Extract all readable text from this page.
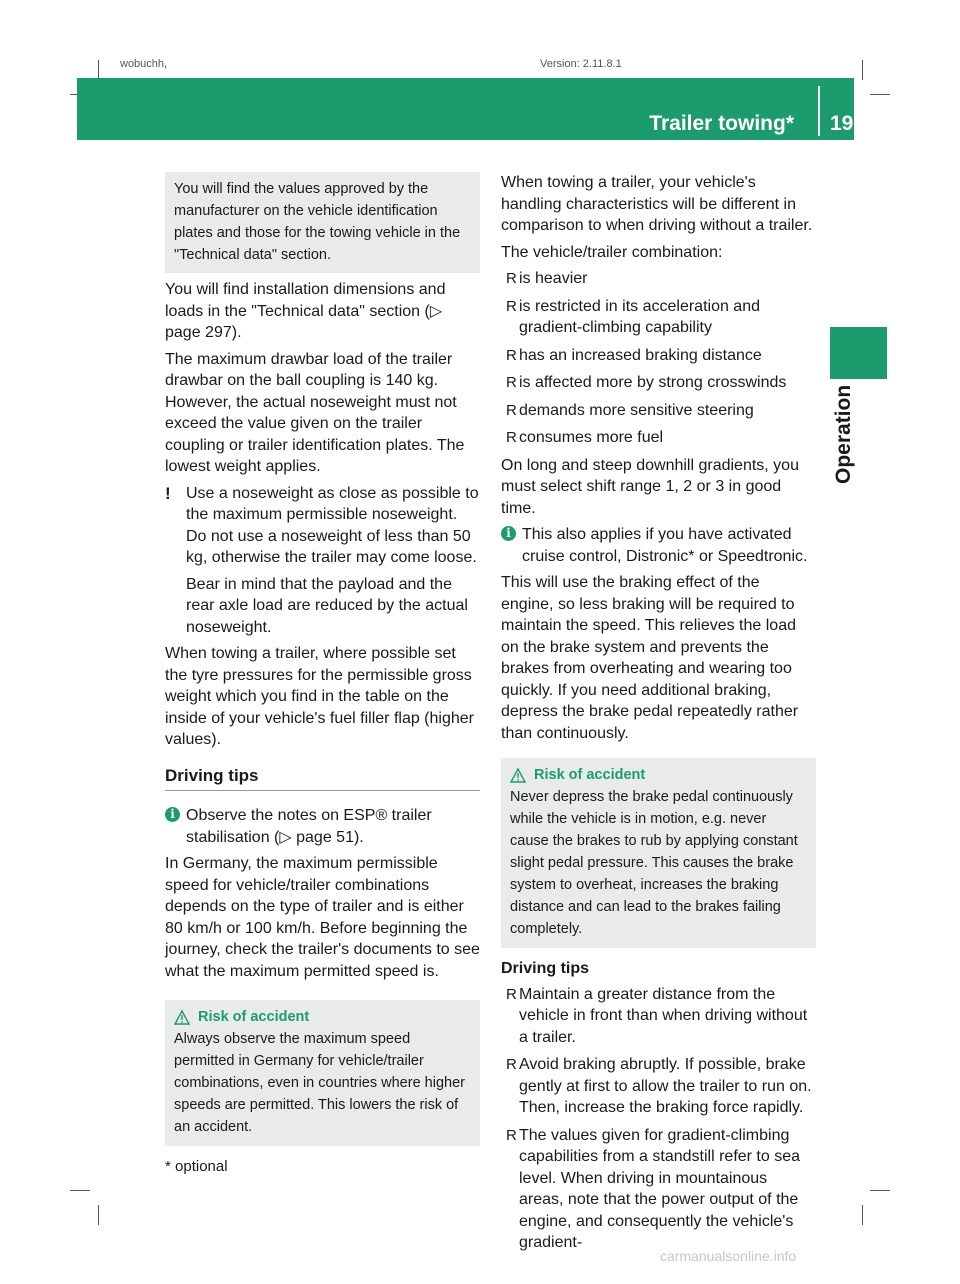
wobuchh,	Version: 2.11.8.1
Trailer towing* 197
Operation
You will find the values approved by the manufacturer on the vehicle identification plates and those for the towing vehicle in the "Technical data" section.

You will find installation dimensions and loads in the "Technical data" section (▷ page 297).

The maximum drawbar load of the trailer drawbar on the ball coupling is 140 kg. However, the actual noseweight must not exceed the value given on the trailer coupling or trailer identification plates. The lowest weight applies.

! Use a noseweight as close as possible to the maximum permissible noseweight. Do not use a noseweight of less than 50 kg, otherwise the trailer may come loose.
Bear in mind that the payload and the rear axle load are reduced by the actual noseweight.

When towing a trailer, where possible set the tyre pressures for the permissible gross weight which you find in the table on the inside of your vehicle's fuel filler flap (higher values).

Driving tips
i Observe the notes on ESP® trailer stabilisation (▷ page 51).

In Germany, the maximum permissible speed for vehicle/trailer combinations depends on the type of trailer and is either 80 km/h or 100 km/h. Before beginning the journey, check the trailer's documents to see what the maximum permitted speed is.

Risk of accident
Always observe the maximum speed permitted in Germany for vehicle/trailer combinations, even in countries where higher speeds are permitted. This lowers the risk of an accident.

When towing a trailer, your vehicle's handling characteristics will be different in comparison to when driving without a trailer.

The vehicle/trailer combination:

R is heavier
R is restricted in its acceleration and gradient-climbing capability
R has an increased braking distance
R is affected more by strong crosswinds
R demands more sensitive steering
R consumes more fuel

On long and steep downhill gradients, you must select shift range 1, 2 or 3 in good time.

i This also applies if you have activated cruise control, Distronic* or Speedtronic.

This will use the braking effect of the engine, so less braking will be required to maintain the speed. This relieves the load on the brake system and prevents the brakes from overheating and wearing too quickly. If you need additional braking, depress the brake pedal repeatedly rather than continuously.

Risk of accident
Never depress the brake pedal continuously while the vehicle is in motion, e.g. never cause the brakes to rub by applying constant slight pedal pressure. This causes the brake system to overheat, increases the braking distance and can lead to the brakes failing completely.
Driving tips
R Maintain a greater distance from the vehicle in front than when driving without a trailer.
R Avoid braking abruptly. If possible, brake gently at first to allow the trailer to run on. Then, increase the braking force rapidly.
R The values given for gradient-climbing capabilities from a standstill refer to sea level. When driving in mountainous areas, note that the power output of the engine, and consequently the vehicle's gradient-
* optional
carmanualsonline.info
